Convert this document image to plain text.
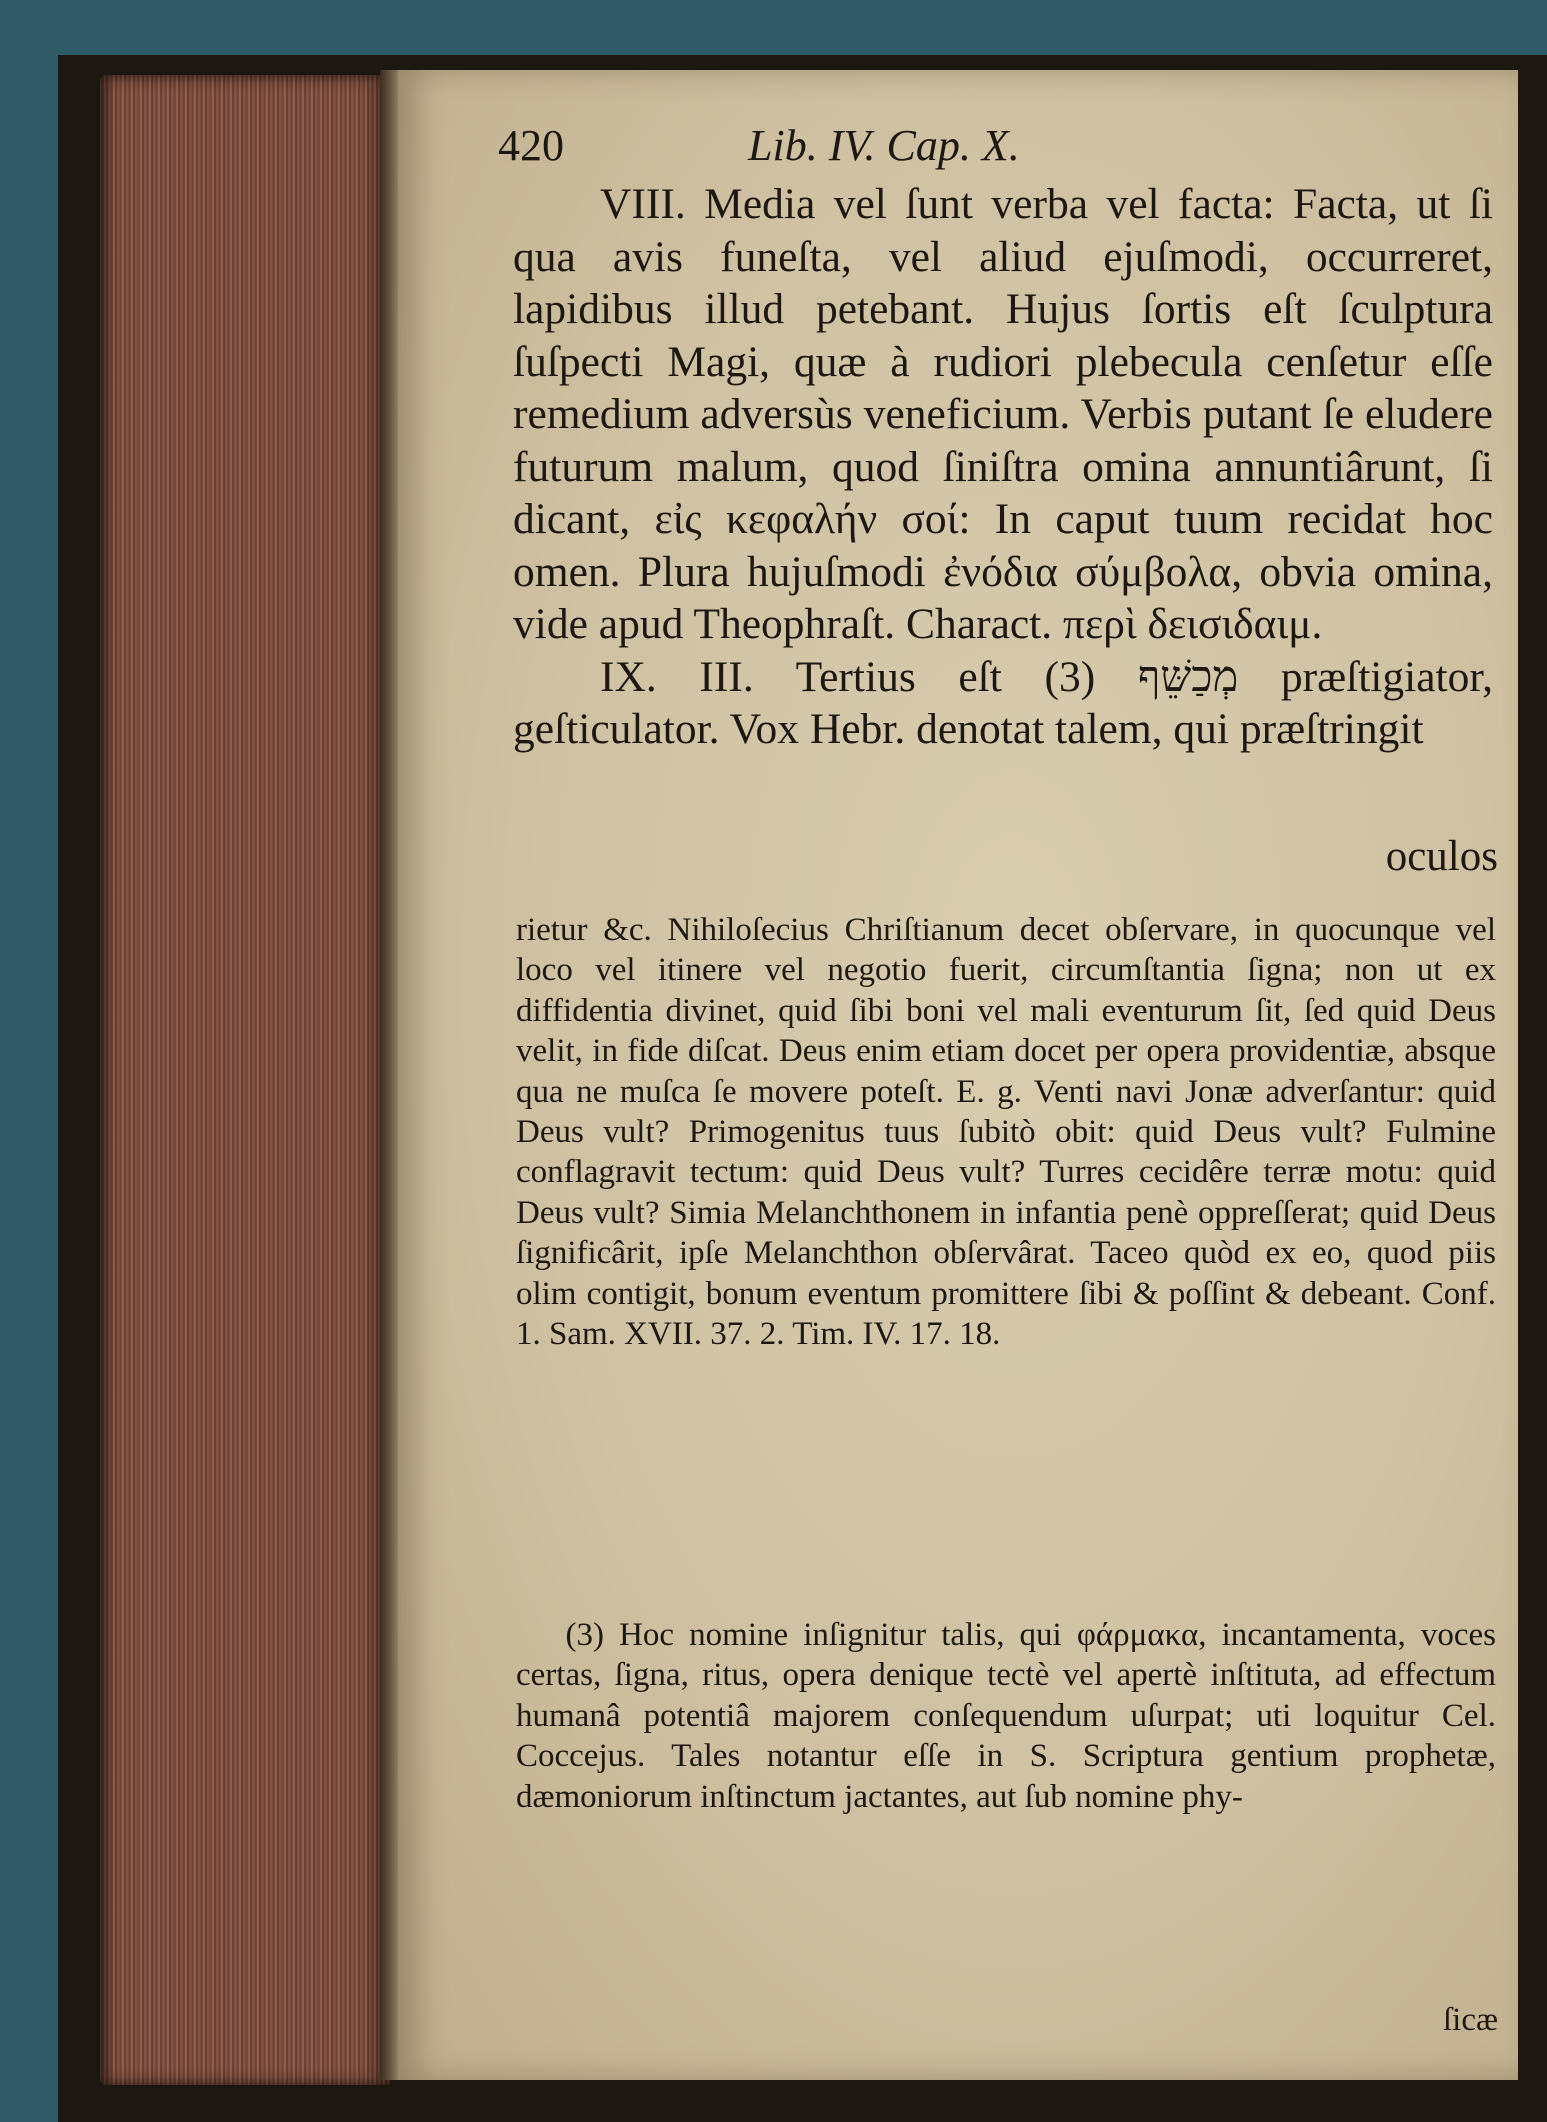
420	Lib. IV. Cap. X.

VIII. Media vel ſunt verba vel facta: Facta, ut ſi qua avis funeſta, vel aliud ejuſmodi, occurreret, lapidibus illud petebant. Hujus ſortis eſt ſculptura ſuſpecti Magi, quæ à rudiori plebecula cenſetur eſſe remedium adversùs veneficium. Verbis putant ſe eludere futurum malum, quod ſiniſtra omina annuntiârunt, ſi dicant, εἰς κεφαλήν σοί: In caput tuum recidat hoc omen. Plura hujuſmodi ἐνόδια σύμβολα, obvia omina, vide apud Theophraſt. Charact. περὶ δεισιδαιμ.

IX. III. Tertius eſt מְכַשֵּׁף (3) præſtigiator, geſticulator. Vox Hebr. denotat talem, qui præſtringit

oculos

rietur &c. Nihiloſecius Chriſtianum decet obſervare, in quocunque vel loco vel itinere vel negotio fuerit, circumſtantia ſigna; non ut ex diffidentia divinet, quid ſibi boni vel mali eventurum ſit, ſed quid Deus velit, in fide diſcat. Deus enim etiam docet per opera providentiæ, absque qua ne muſca ſe movere poteſt. E. g. Venti navi Jonæ adverſantur: quid Deus vult? Primogenitus tuus ſubitò obit: quid Deus vult? Fulmine conflagravit tectum: quid Deus vult? Turres cecidêre terræ motu: quid Deus vult? Simia Melanchthonem in infantia penè oppreſſerat; quid Deus ſignificârit, ipſe Melanchthon obſervârat. Taceo quòd ex eo, quod piis olim contigit, bonum eventum promittere ſibi & poſſint & debeant. Conf. 1. Sam. XVII. 37. 2. Tim. IV. 17. 18.

(3) Hoc nomine inſignitur talis, qui φάρμακα, incantamenta, voces certas, ſigna, ritus, opera denique tectè vel apertè inſtituta, ad effectum humanâ potentiâ majorem conſequendum uſurpat; uti loquitur Cel. Coccejus. Tales notantur eſſe in S. Scriptura gentium prophetæ, dæmoniorum inſtinctum jactantes, aut ſub nomine phy-

ſicæ
